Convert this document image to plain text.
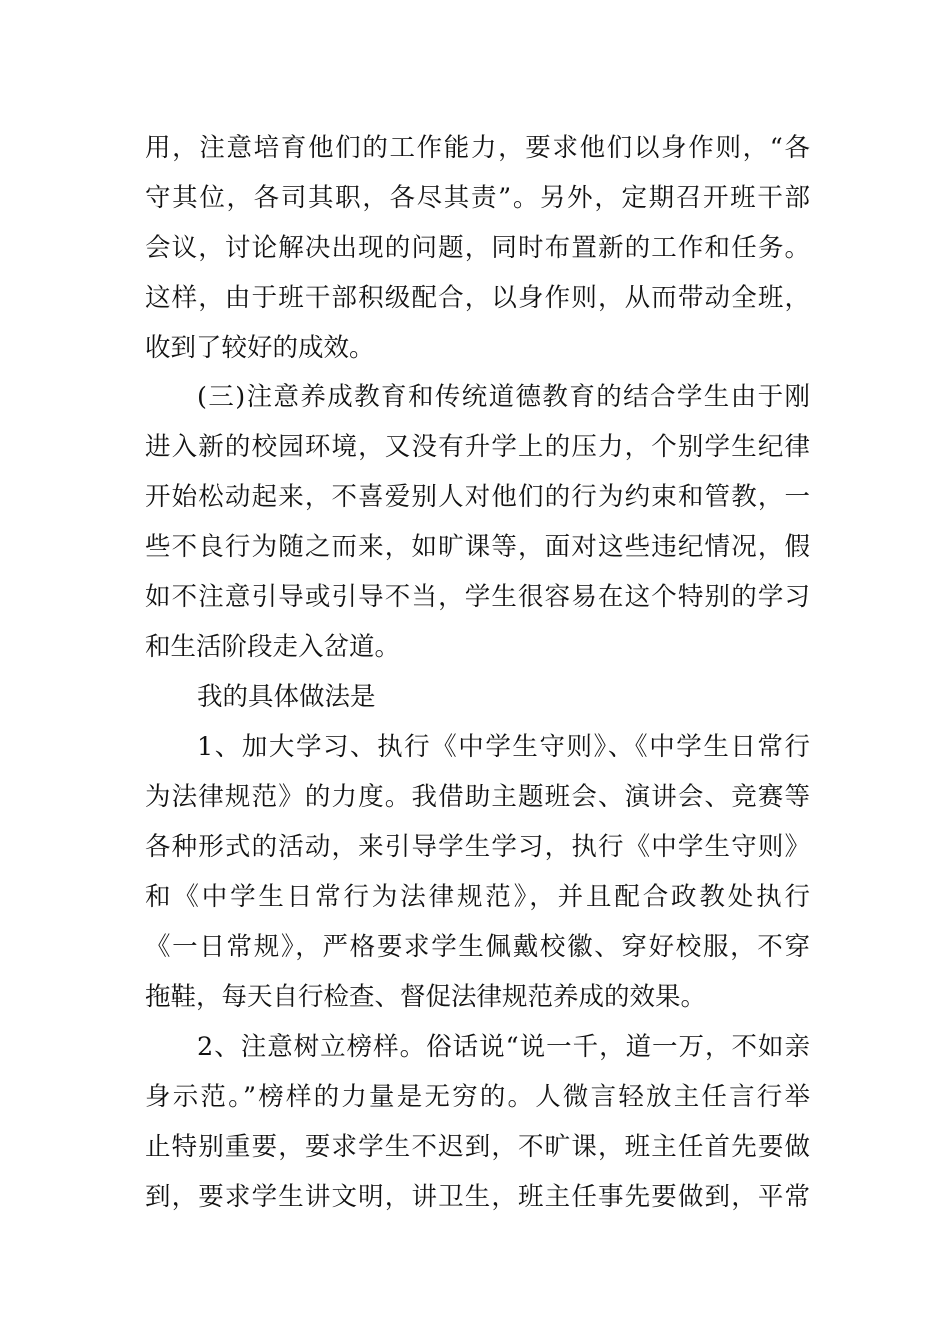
用，注意培育他们的工作能力，要求他们以身作则，“各
守其位，各司其职，各尽其责”。另外，定期召开班干部
会议，讨论解决出现的问题，同时布置新的工作和任务。
这样，由于班干部积级配合，以身作则，从而带动全班，
收到了较好的成效。
(三)注意养成教育和传统道德教育的结合学生由于刚
进入新的校园环境，又没有升学上的压力，个别学生纪律
开始松动起来，不喜爱别人对他们的行为约束和管教，一
些不良行为随之而来，如旷课等，面对这些违纪情况，假
如不注意引导或引导不当，学生很容易在这个特别的学习
和生活阶段走入岔道。
我的具体做法是
1、加大学习、执行《中学生守则》、《中学生日常行
为法律规范》的力度。我借助主题班会、演讲会、竞赛等
各种形式的活动，来引导学生学习，执行《中学生守则》
和《中学生日常行为法律规范》，并且配合政教处执行
《一日常规》，严格要求学生佩戴校徽、穿好校服，不穿
拖鞋，每天自行检查、督促法律规范养成的效果。
2、注意树立榜样。俗话说“说一千，道一万，不如亲
身示范。”榜样的力量是无穷的。人微言轻放主任言行举
止特别重要，要求学生不迟到，不旷课，班主任首先要做
到，要求学生讲文明，讲卫生，班主任事先要做到，平常
